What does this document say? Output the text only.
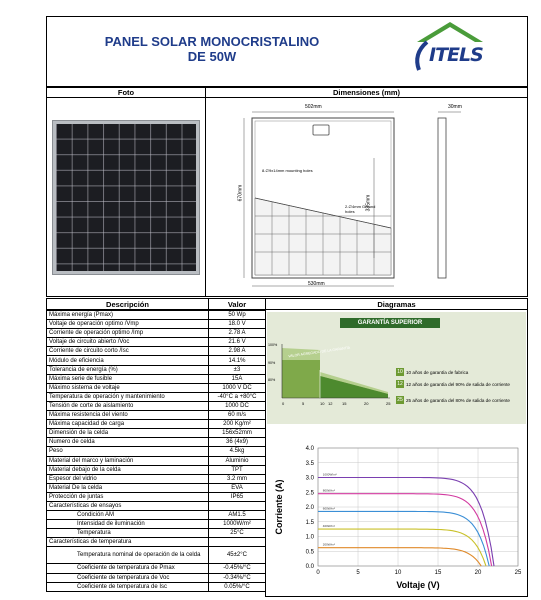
PANEL SOLAR MONOCRISTALINO
DE 50W	ITELS
Foto	Dimensiones (mm)
502mm	30mm
670mm
335mm
530mm
8-∅9x14mm mounting holes
2-∅4mm Ground holes
Descripción	Valor	Diagramas
Máxima energía (Pmax)	50 Wp
Voltaje de operación optimo /Vmp	18.0 V
Corriente de operación optimo /Imp	2.78 A
Voltaje de circuito abierto /Voc	21.6 V
Corriente de circuito corto /Isc	2.98 A
Módulo de eficiencia	14.1%
Tolerancia de energía (%)	±3
Máxima serie de fusible	15A
Máximo sistema de voltaje	1000 V DC
Temperatura de operación y mantenimiento	-40°C a +80°C
Tensión de corte de aislamiento	1000 DC
Máxima resistencia del viento	60 m/s
Máxima capacidad de carga	200 Kg/m²
Dimensión de la celda	156x52mm
Numero de celda	36 (4x9)
Peso	4.5kg
Material del marco y laminación	Aluminio
Material debajo de la celda	TPT
Espesor del vidrio	3.2 mm
Material De la celda	EVA
Protección de juntas	IP65
Características de ensayos	
Condición AM	AM1.5
Intensidad de iluminación	1000W/m²
Temperatura	25°C
Características de temperatura	
Temperatura nominal de operación de la celda	45±2°C
Coeficiente de temperatura de Pmax	-0.45%/°C
Coeficiente de temperatura de Voc	-0.34%/°C
Coeficiente de temperatura de Isc	0.05%/°C
GARANTÍA SUPERIOR
VALOR AGREGADO DE LA GARANTÍA
100%
90%
80%
0	5	10 12 15	20	25
10 10 años de garantía de fabrica
12 12 años de garantía del 90% de salida de corriente
25 25 años de garantía del 80% de salida de corriente
0.0
0.5
1.0
1.5
2.0
2.5
3.0
3.5
4.0
0	5	10	15	20	25
1000W/m²
800W/m²
600W/m²
400W/m²
200W/m²
Voltaje (V)
Corriente (A)
